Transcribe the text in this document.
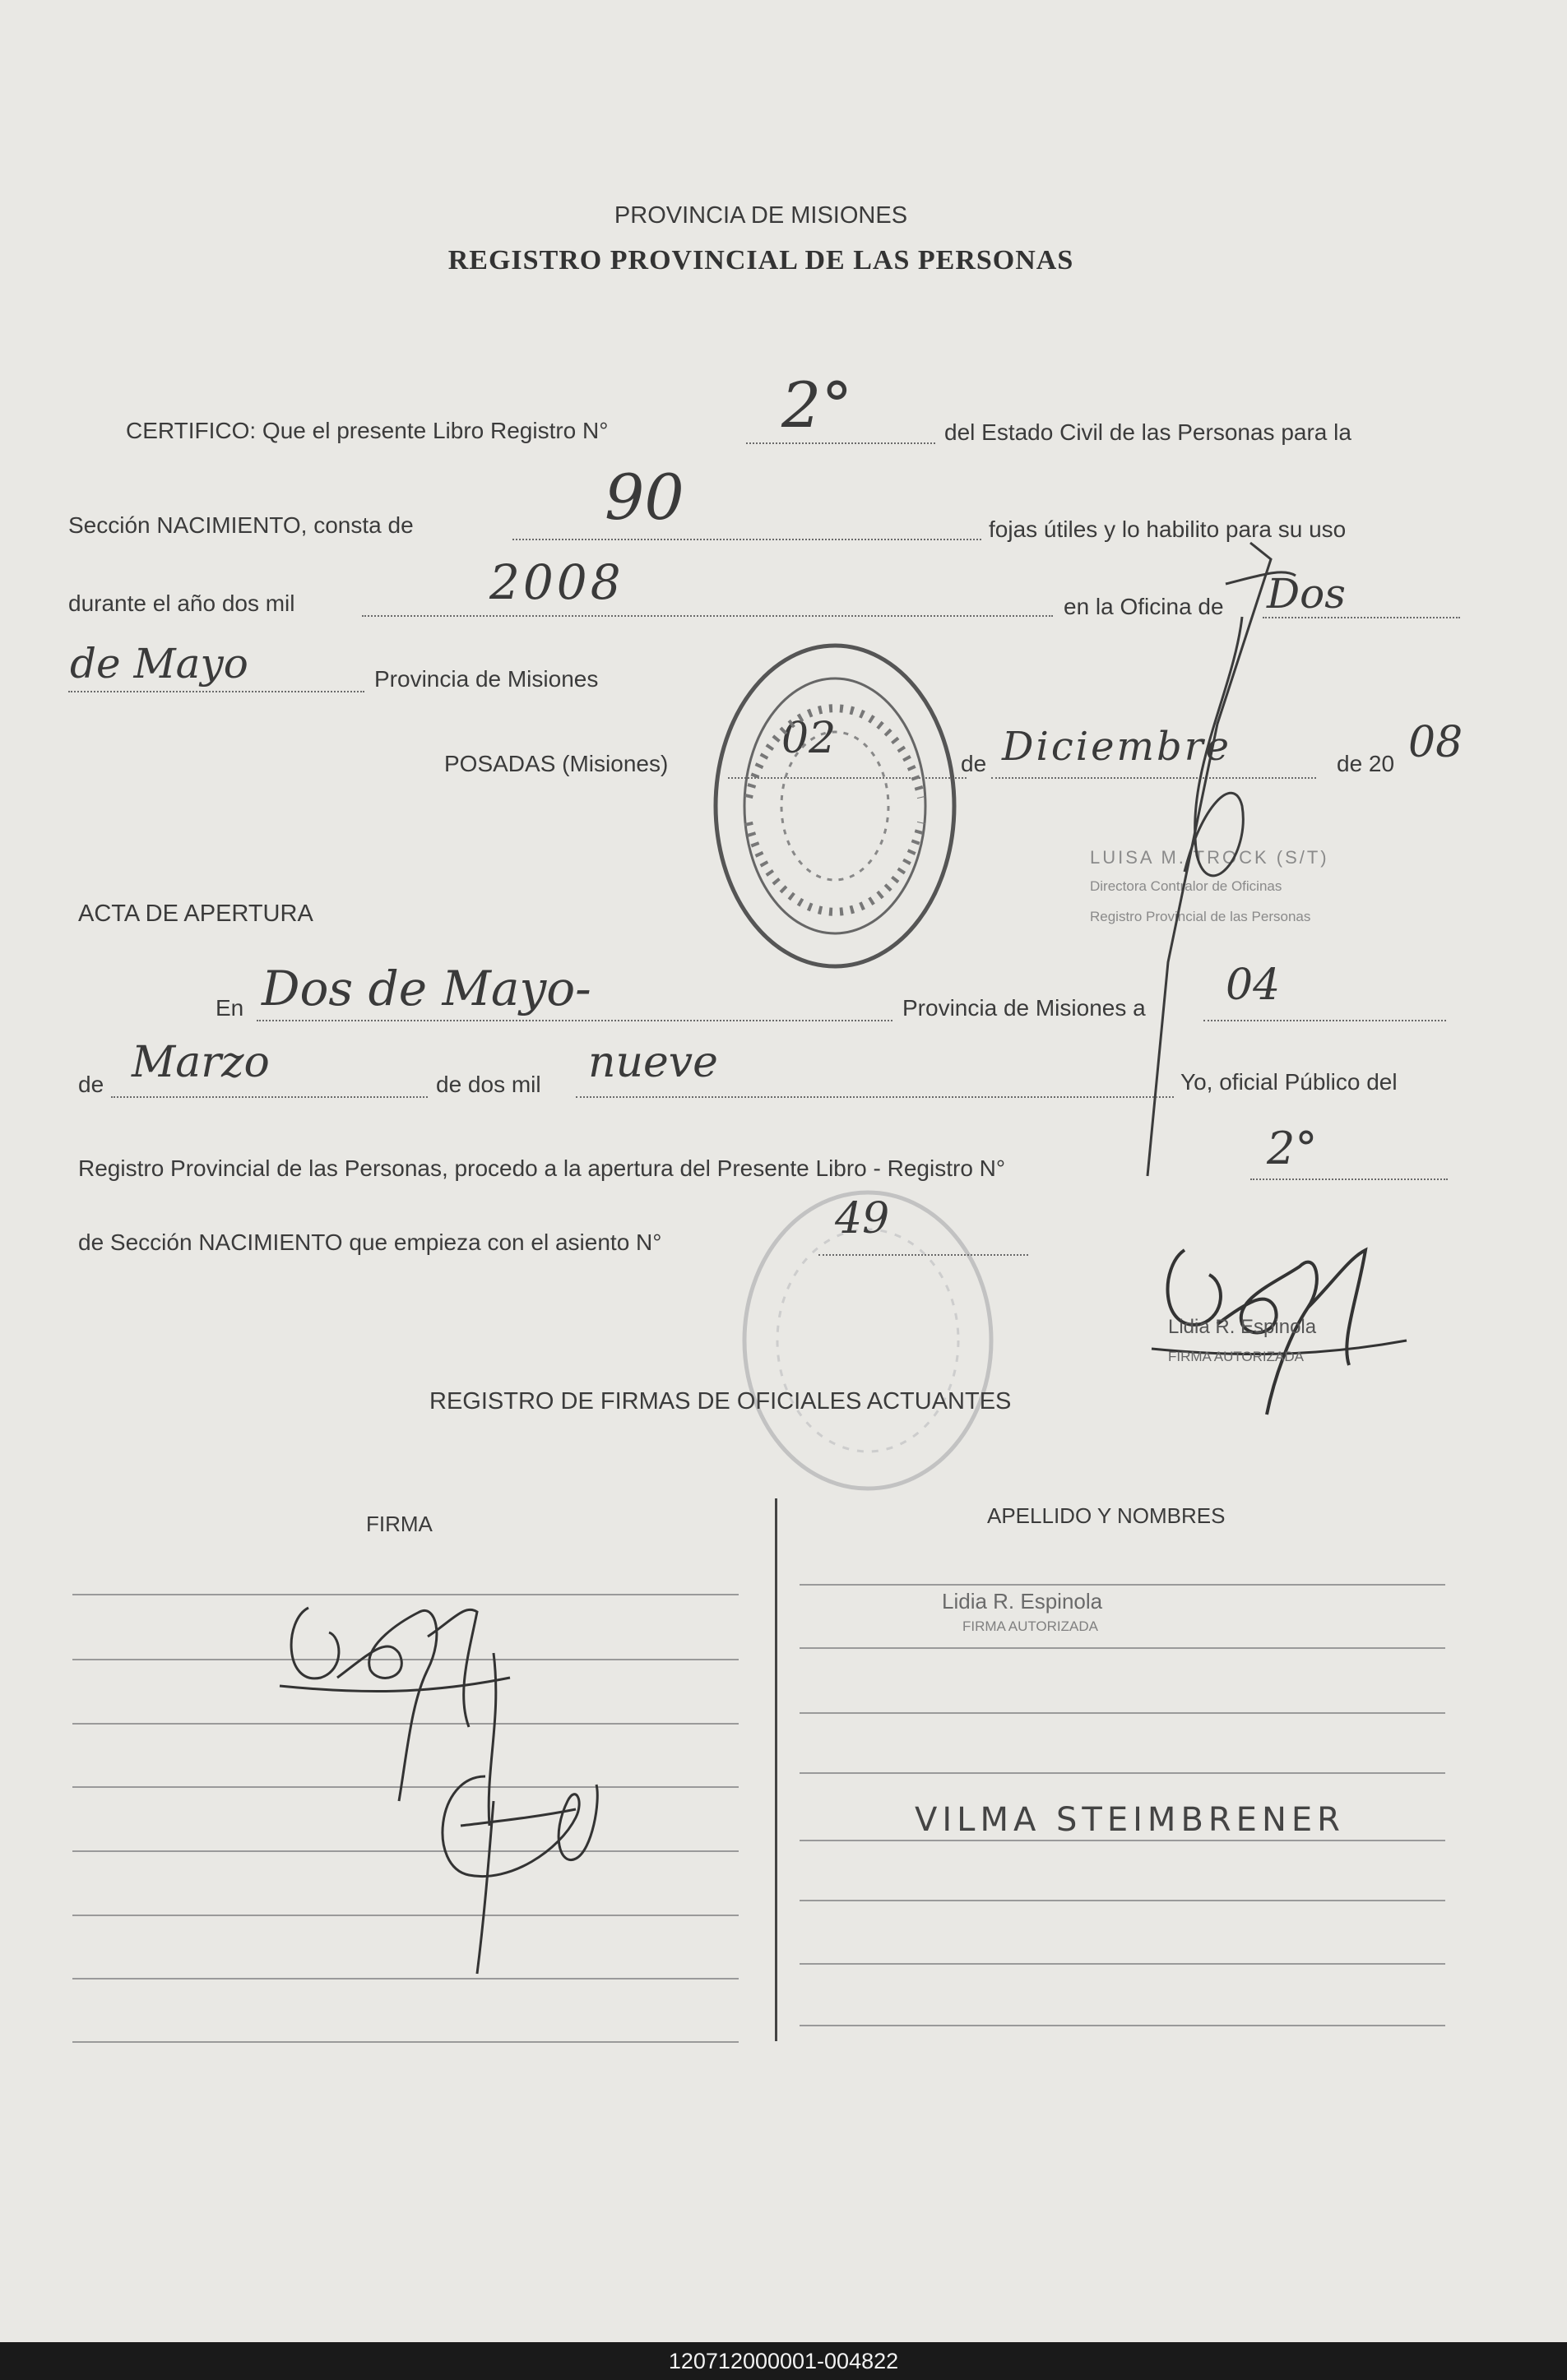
PROVINCIA DE MISIONES
REGISTRO PROVINCIAL DE LAS PERSONAS
CERTIFICO: Que el presente Libro Registro N°	2°	del Estado Civil de las Personas para la
Sección NACIMIENTO, consta de	90	fojas útiles y lo habilito para su uso
durante el año dos mil	2008	en la Oficina de Dos
de Mayo	Provincia de Misiones
POSADAS (Misiones)
02
de Diciembre	de 20 08
LUISA M. TROCK (S/T)
Directora Contralor de Oficinas
Registro Provincial de las Personas
ACTA DE APERTURA
En Dos de Mayo-	Provincia de Misiones a 04
de Marzo	de dos mil nueve	Yo, oficial Público del
Registro Provincial de las Personas, procedo a la apertura del Presente Libro - Registro N°	2°
de Sección NACIMIENTO que empieza con el asiento N°	49
Lidia R. Espinola
FIRMA AUTORIZADA
REGISTRO DE FIRMAS DE OFICIALES ACTUANTES
FIRMA	APELLIDO Y NOMBRES
Lidia R. Espinola
FIRMA AUTORIZADA
VILMA STEIMBRENER
120712000001-004822
